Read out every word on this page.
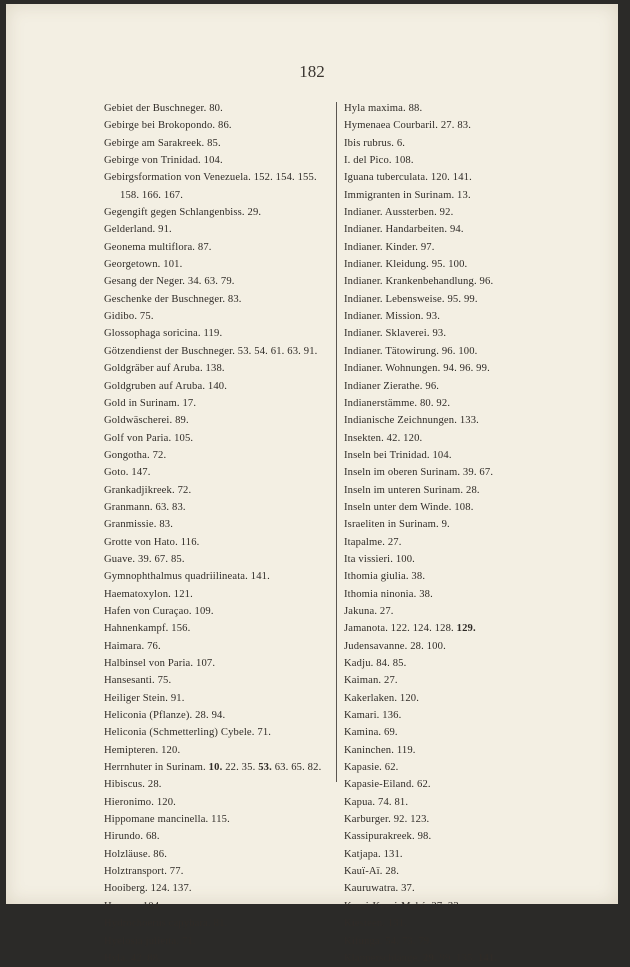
182
Gebiet der Buschneger. 80.
Gebirge bei Brokopondo. 86.
Gebirge am Sarakreek. 85.
Gebirge von Trinidad. 104.
Gebirgsformation von Venezuela. 152. 154. 155.
158. 166. 167.
Gegengift gegen Schlangenbiss. 29.
Gelderland. 91.
Geonema multiflora. 87.
Georgetown. 101.
Gesang der Neger. 34. 63. 79.
Geschenke der Buschneger. 83.
Gidibo. 75.
Glossophaga soricina. 119.
Götzendienst der Buschneger. 53. 54. 61. 63. 91.
Goldgräber auf Aruba. 138.
Goldgruben auf Aruba. 140.
Gold in Surinam. 17.
Goldwäscherei. 89.
Golf von Paria. 105.
Gongotha. 72.
Goto. 147.
Grankadjikreek. 72.
Granmann. 63. 83.
Granmissie. 83.
Grotte von Hato. 116.
Guave. 39. 67. 85.
Gymnophthalmus quadriilineata. 141.
Haematoxylon. 121.
Hafen von Curaçao. 109.
Hahnenkampf. 156.
Haimara. 76.
Halbinsel von Paria. 107.
Hansesanti. 75.
Heiliger Stein. 91.
Heliconia (Pflanze). 28. 94.
Heliconia (Schmetterling) Cybele. 71.
Hemipteren. 120.
Herrnhuter in Surinam. 10. 22. 35. 53. 63. 65. 82.
Hibiscus. 28.
Hieronimo. 120.
Hippomane mancinella. 115.
Hirundo. 68.
Holzläuse. 86.
Holztransport. 77.
Hooiberg. 124. 137.
Hucvos. 104.
Hydrochoerus capybara. 81.
Hyelosia julietta. 71.
Hyla. 42. 88.
Hyla maxima. 88.
Hymenaea Courbaril. 27. 83.
Ibis rubrus. 6.
I. del Pico. 108.
Iguana tuberculata. 120. 141.
Immigranten in Surinam. 13.
Indianer. Aussterben. 92.
Indianer. Handarbeiten. 94.
Indianer. Kinder. 97.
Indianer. Kleidung. 95. 100.
Indianer. Krankenbehandlung. 96.
Indianer. Lebensweise. 95. 99.
Indianer. Mission. 93.
Indianer. Sklaverei. 93.
Indianer. Tätowirung. 96. 100.
Indianer. Wohnungen. 94. 96. 99.
Indianer Zierathe. 96.
Indianerstämme. 80. 92.
Indianische Zeichnungen. 133.
Insekten. 42. 120.
Inseln bei Trinidad. 104.
Inseln im oberen Surinam. 39. 67.
Inseln im unteren Surinam. 28.
Inseln unter dem Winde. 108.
Israeliten in Surinam. 9.
Itapalme. 27.
Ita vissieri. 100.
Ithomia giulia. 38.
Ithomia ninonia. 38.
Jakuna. 27.
Jamanota. 122. 124. 128. 129.
Judensavanne. 28. 100.
Kadju. 84. 85.
Kaiman. 27.
Kakerlaken. 120.
Kamari. 136.
Kamina. 69.
Kaninchen. 119.
Kapasie. 62.
Kapasie-Eiland. 62.
Kapua. 74. 81.
Karburger. 92. 123.
Kassipurakreek. 98.
Katjapa. 131.
Kauï-Aï. 28.
Kauruwatra. 37.
Keesi-Keesi-Maká. 27. 33.
Kiesteen. 131.
Kifunga. 54. 73. 79.
Klapperschlange. 29. 99. 135. 141.
